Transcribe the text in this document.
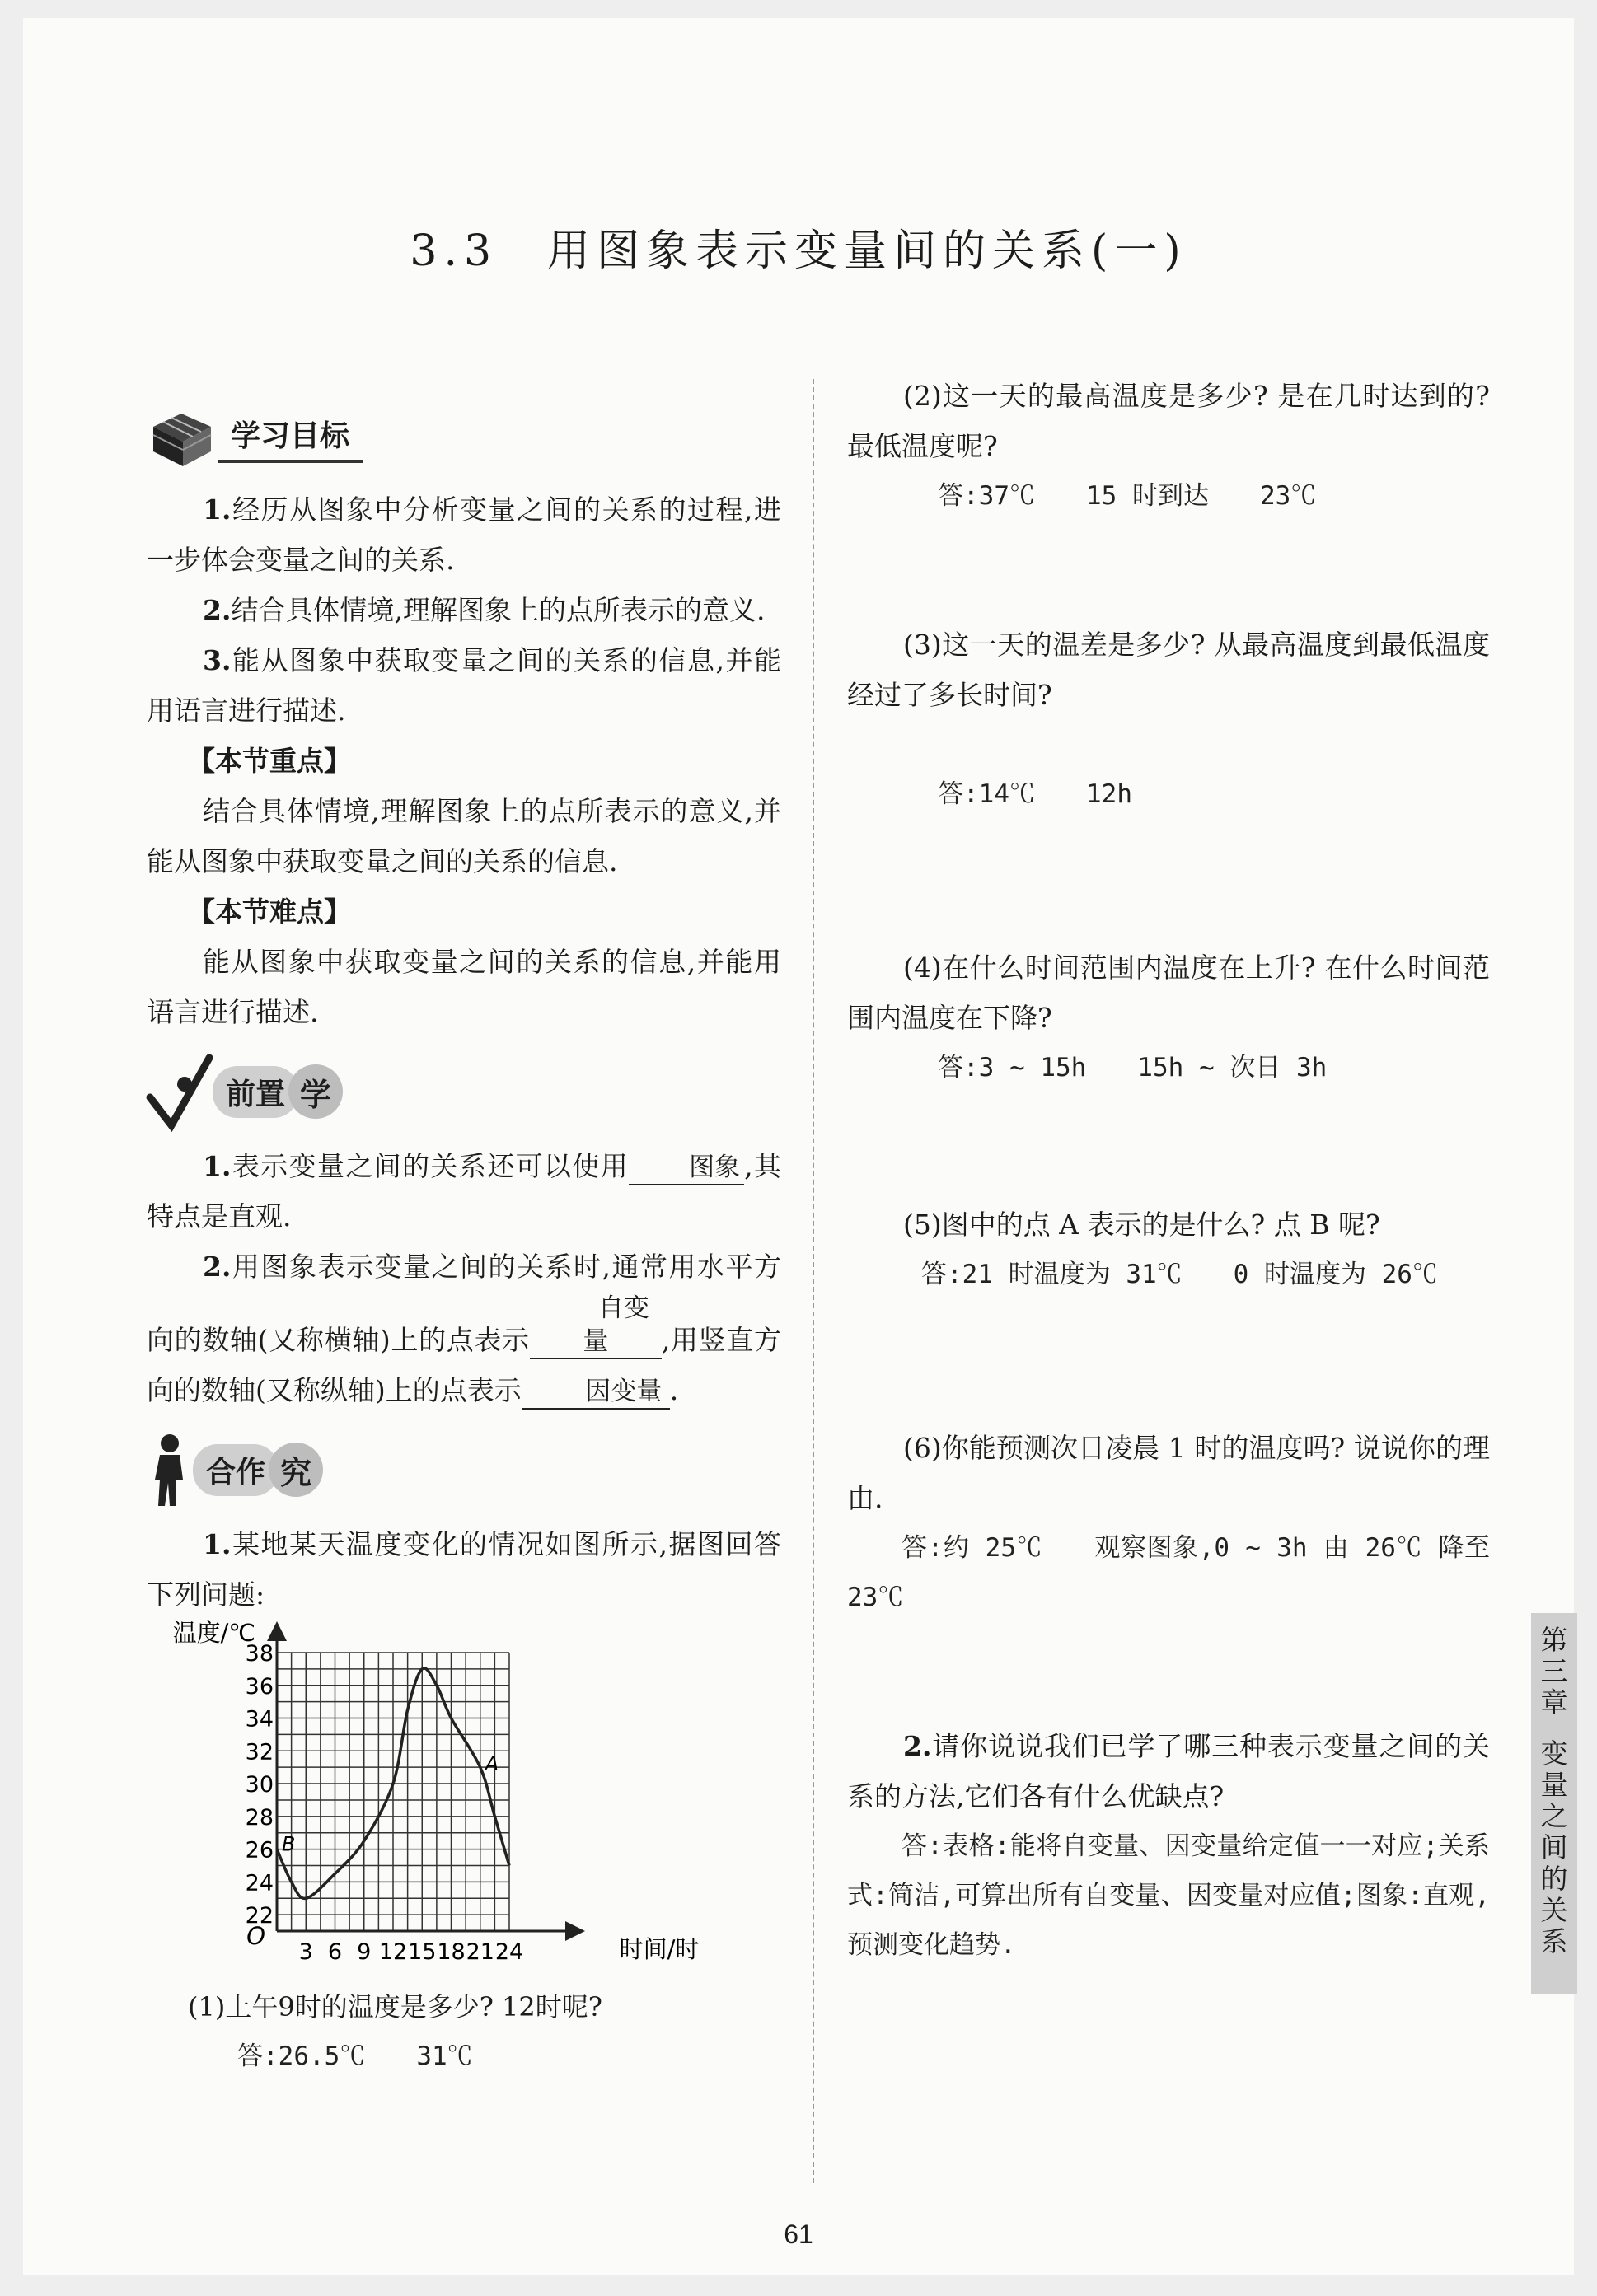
3.3　用图象表示变量间的关系(一)
学习目标

1.经历从图象中分析变量之间的关系的过程,进一步体会变量之间的关系.

2.结合具体情境,理解图象上的点所表示的意义.

3.能从图象中获取变量之间的关系的信息,并能用语言进行描述.

【本节重点】

结合具体情境,理解图象上的点所表示的意义,并能从图象中获取变量之间的关系的信息.

【本节难点】

能从图象中获取变量之间的关系的信息,并能用语言进行描述.

前置 学

1.表示变量之间的关系还可以使用 图象 ,其特点是直观.

2.用图象表示变量之间的关系时,通常用水平方向的数轴(又称横轴)上的点表示自变量 ,用竖直方向的数轴(又称纵轴)上的点表示	因变量 .

合作 究

1.某地某天温度变化的情况如图所示,据图回答下列问题:

3 6 9 12 15 18 21 24
22
24
26
28
30
32
34
36
38
A
B
温度/℃
时间/时
O

(1)上午9时的温度是多少? 12时呢?

答:26.5℃　　31℃

(2)这一天的最高温度是多少? 是在几时达到的? 最低温度呢?

答:37℃　　15 时到达　　23℃

(3)这一天的温差是多少? 从最高温度到最低温度经过了多长时间?

答:14℃　　12h

(4)在什么时间范围内温度在上升? 在什么时间范围内温度在下降?

答:3 ~ 15h　　15h ~ 次日 3h

(5)图中的点 A 表示的是什么? 点 B 呢?

答:21 时温度为 31℃　　0 时温度为 26℃

(6)你能预测次日凌晨 1 时的温度吗? 说说你的理由.

答:约 25℃　　观察图象,0 ~ 3h 由 26℃ 降至 23℃

2.请你说说我们已学了哪三种表示变量之间的关系的方法,它们各有什么优缺点?

答:表格:能将自变量、因变量给定值一一对应;关系式:简洁,可算出所有自变量、因变量对应值;图象:直观,预测变化趋势.

第三章
变量之间的关系
61
